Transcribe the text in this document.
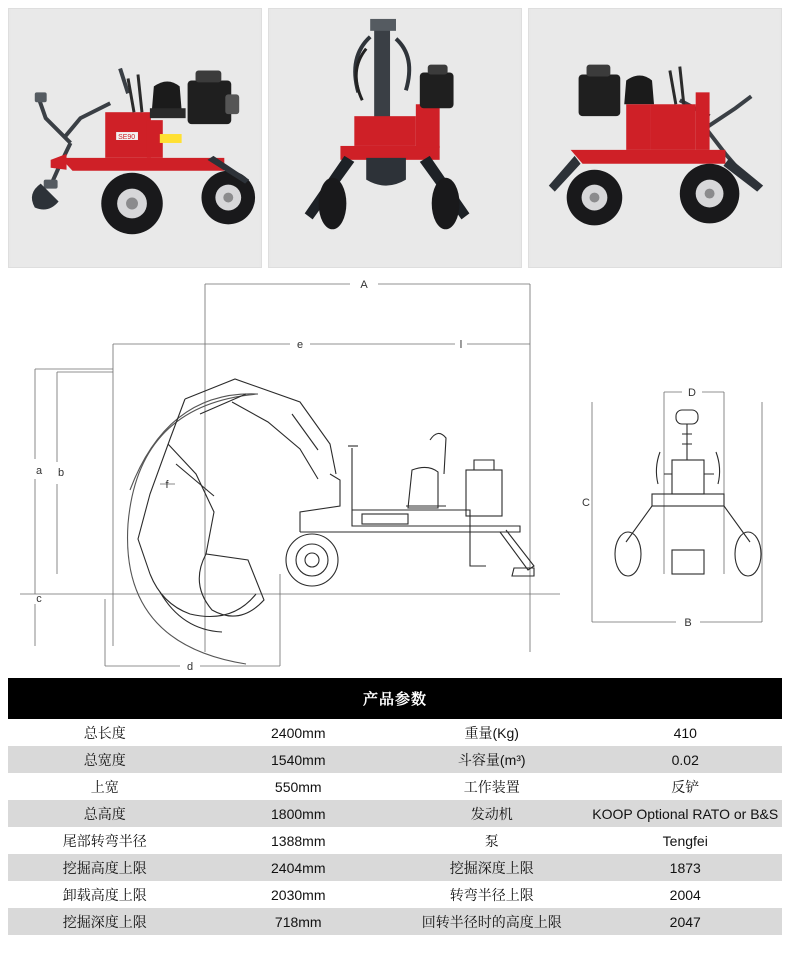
SE90
A
B
C
D
a b
c
d
e
f
l
产品参数			
总长度	2400mm	重量(Kg)	410
总宽度	1540mm	斗容量(m³)	0.02
上宽	550mm	工作装置	反铲
总高度	1800mm	发动机	KOOP Optional RATO or B&S
尾部转弯半径	1388mm	泵	Tengfei
挖掘高度上限	2404mm	挖掘深度上限	1873
卸载高度上限	2030mm	转弯半径上限	2004
挖掘深度上限	718mm	回转半径时的高度上限	2047
